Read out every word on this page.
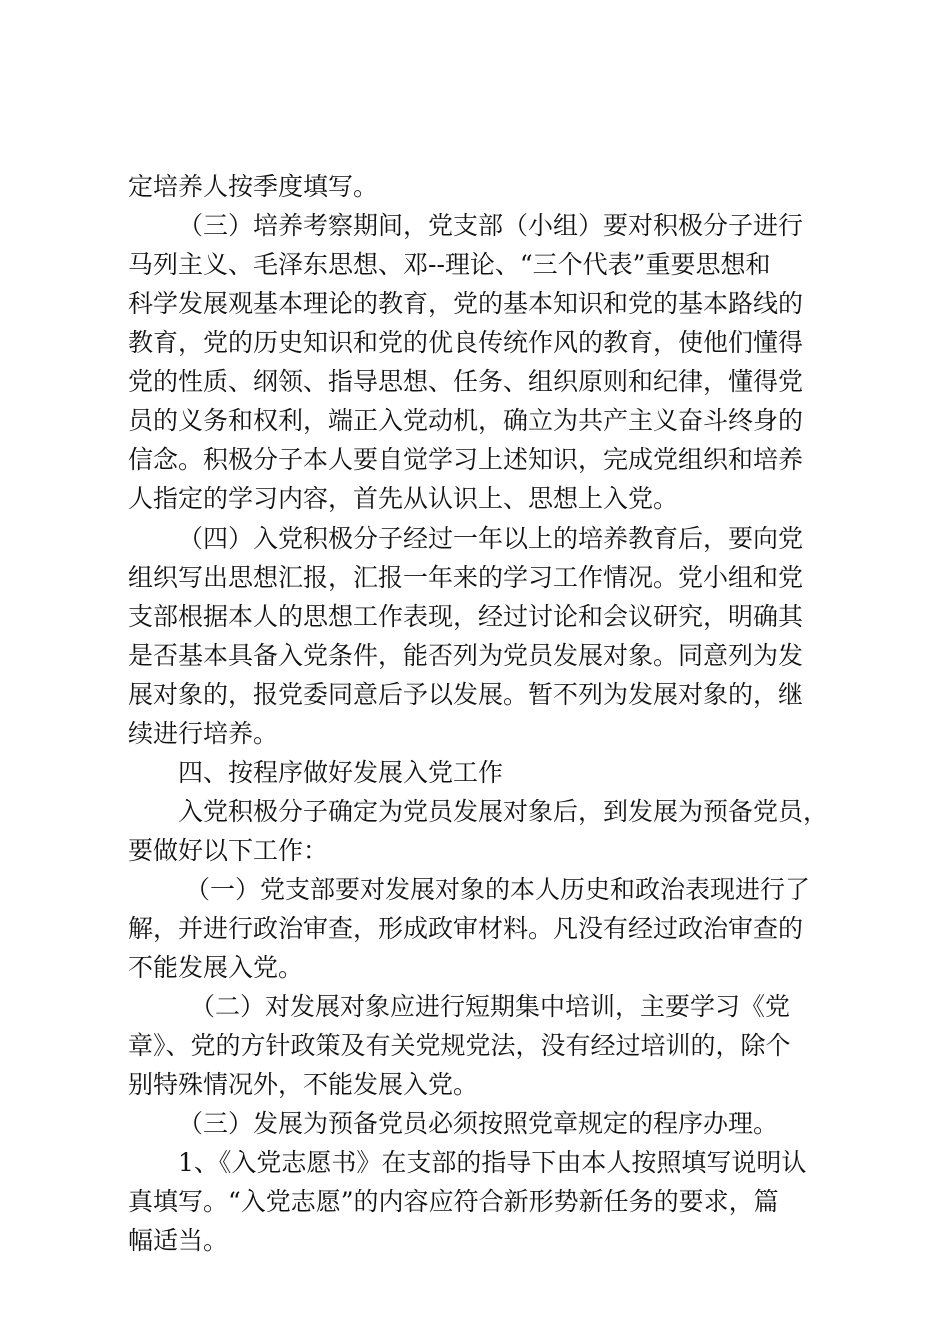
定培养人按季度填写。
（三）培养考察期间，党支部（小组）要对积极分子进行
马列主义、毛泽东思想、邓--理论、“三个代表”重要思想和
科学发展观基本理论的教育，党的基本知识和党的基本路线的
教育，党的历史知识和党的优良传统作风的教育，使他们懂得
党的性质、纲领、指导思想、任务、组织原则和纪律，懂得党
员的义务和权利，端正入党动机，确立为共产主义奋斗终身的
信念。积极分子本人要自觉学习上述知识，完成党组织和培养
人指定的学习内容，首先从认识上、思想上入党。
（四）入党积极分子经过一年以上的培养教育后，要向党
组织写出思想汇报，汇报一年来的学习工作情况。党小组和党
支部根据本人的思想工作表现，经过讨论和会议研究，明确其
是否基本具备入党条件，能否列为党员发展对象。同意列为发
展对象的，报党委同意后予以发展。暂不列为发展对象的，继
续进行培养。
四、按程序做好发展入党工作
入党积极分子确定为党员发展对象后，到发展为预备党员，
要做好以下工作：
（一）党支部要对发展对象的本人历史和政治表现进行了
解，并进行政治审查，形成政审材料。凡没有经过政治审查的
不能发展入党。
（二）对发展对象应进行短期集中培训，主要学习《党
章》、党的方针政策及有关党规党法，没有经过培训的，除个
别特殊情况外，不能发展入党。
（三）发展为预备党员必须按照党章规定的程序办理。
1、《入党志愿书》在支部的指导下由本人按照填写说明认
真填写。“入党志愿”的内容应符合新形势新任务的要求，篇
幅适当。
